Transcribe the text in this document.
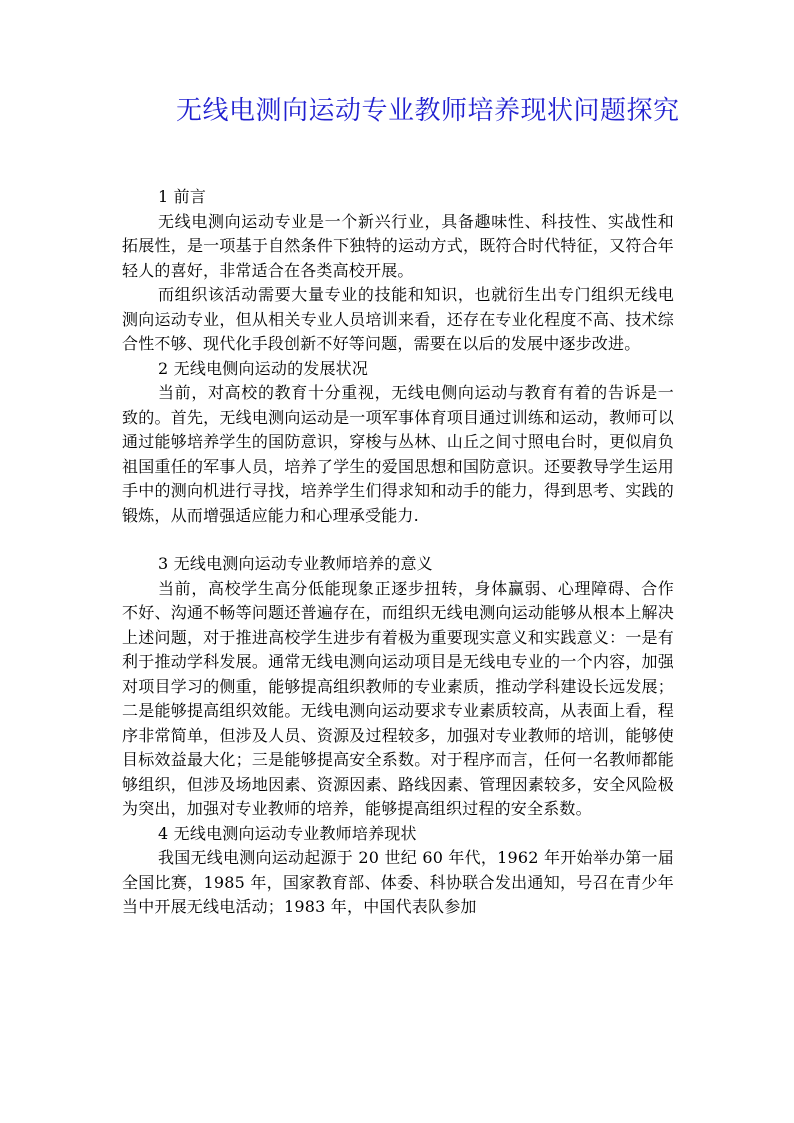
无线电测向运动专业教师培养现状问题探究

1 前言

无线电测向运动专业是一个新兴行业，具备趣味性、科技性、实战性和拓展性，是一项基于自然条件下独特的运动方式，既符合时代特征，又符合年轻人的喜好，非常适合在各类高校开展。

而组织该活动需要大量专业的技能和知识，也就衍生出专门组织无线电测向运动专业，但从相关专业人员培训来看，还存在专业化程度不高、技术综合性不够、现代化手段创新不好等问题，需要在以后的发展中逐步改进。

2 无线电侧向运动的发展状况

当前，对高校的教育十分重视，无线电侧向运动与教育有着的告诉是一致的。首先，无线电测向运动是一项军事体育项目通过训练和运动，教师可以通过能够培养学生的国防意识，穿梭与丛林、山丘之间寸照电台时，更似肩负祖国重任的军事人员，培养了学生的爱国思想和国防意识。还要教导学生运用手中的测向机进行寻找，培养学生们得求知和动手的能力，得到思考、实践的锻炼，从而增强适应能力和心理承受能力.

3 无线电测向运动专业教师培养的意义

当前，高校学生高分低能现象正逐步扭转，身体赢弱、心理障碍、合作不好、沟通不畅等问题还普遍存在，而组织无线电测向运动能够从根本上解决上述问题，对于推进高校学生进步有着极为重要现实意义和实践意义：一是有利于推动学科发展。通常无线电测向运动项目是无线电专业的一个内容，加强对项目学习的侧重，能够提高组织教师的专业素质，推动学科建设长远发展；二是能够提高组织效能。无线电测向运动要求专业素质较高，从表面上看，程序非常简单，但涉及人员、资源及过程较多，加强对专业教师的培训，能够使目标效益最大化；三是能够提高安全系数。对于程序而言，任何一名教师都能够组织，但涉及场地因素、资源因素、路线因素、管理因素较多，安全风险极为突出，加强对专业教师的培养，能够提高组织过程的安全系数。

4 无线电测向运动专业教师培养现状

我国无线电测向运动起源于 20 世纪 60 年代，1962 年开始举办第一届全国比赛，1985 年，国家教育部、体委、科协联合发出通知，号召在青少年当中开展无线电活动；1983 年，中国代表队参加
